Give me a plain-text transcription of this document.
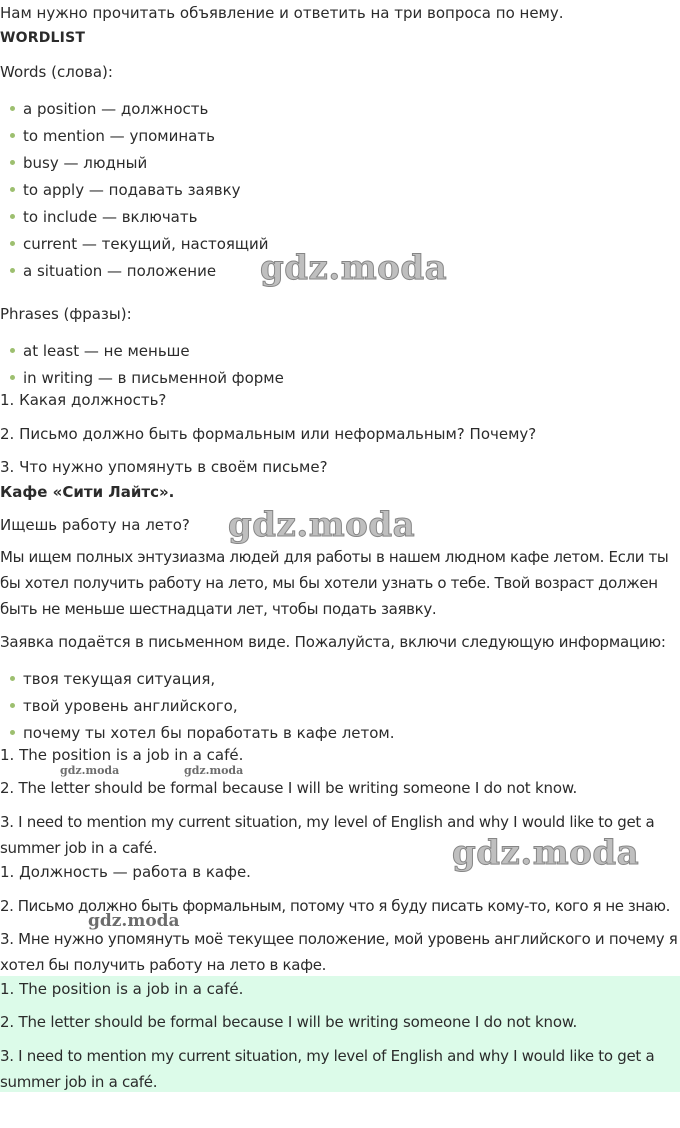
Нам нужно прочитать объявление и ответить на три вопроса по нему.
WORDLIST
Words (слова):
a position — должность
to mention — упоминать
busy — людный
to apply — подавать заявку
to include — включать
current — текущий, настоящий
a situation — положение
Phrases (фразы):
at least — не меньше
in writing — в письменной форме
1. Какая должность?
2. Письмо должно быть формальным или неформальным? Почему?
3. Что нужно упомянуть в своём письме?
Кафе «Сити Лайтс».
Ищешь работу на лето?
Мы ищем полных энтузиазма людей для работы в нашем людном кафе летом. Если ты бы хотел получить работу на лето, мы бы хотели узнать о тебе. Твой возраст должен быть не меньше шестнадцати лет, чтобы подать заявку.
Заявка подаётся в письменном виде. Пожалуйста, включи следующую информацию:
твоя текущая ситуация,
твой уровень английского,
почему ты хотел бы поработать в кафе летом.
1. The position is a job in a café.
2. The letter should be formal because I will be writing someone I do not know.
3. I need to mention my current situation, my level of English and why I would like to get a summer job in a café.
1. Должность — работа в кафе.
2. Письмо должно быть формальным, потому что я буду писать кому-то, кого я не знаю.
3. Мне нужно упомянуть моё текущее положение, мой уровень английского и почему я хотел бы получить работу на лето в кафе.
1. The position is a job in a café.
2. The letter should be formal because I will be writing someone I do not know.
3. I need to mention my current situation, my level of English and why I would like to get a summer job in a café.
gdz.moda
gdz.moda
gdz.moda
gdz.moda	gdz.moda
gdz.moda
